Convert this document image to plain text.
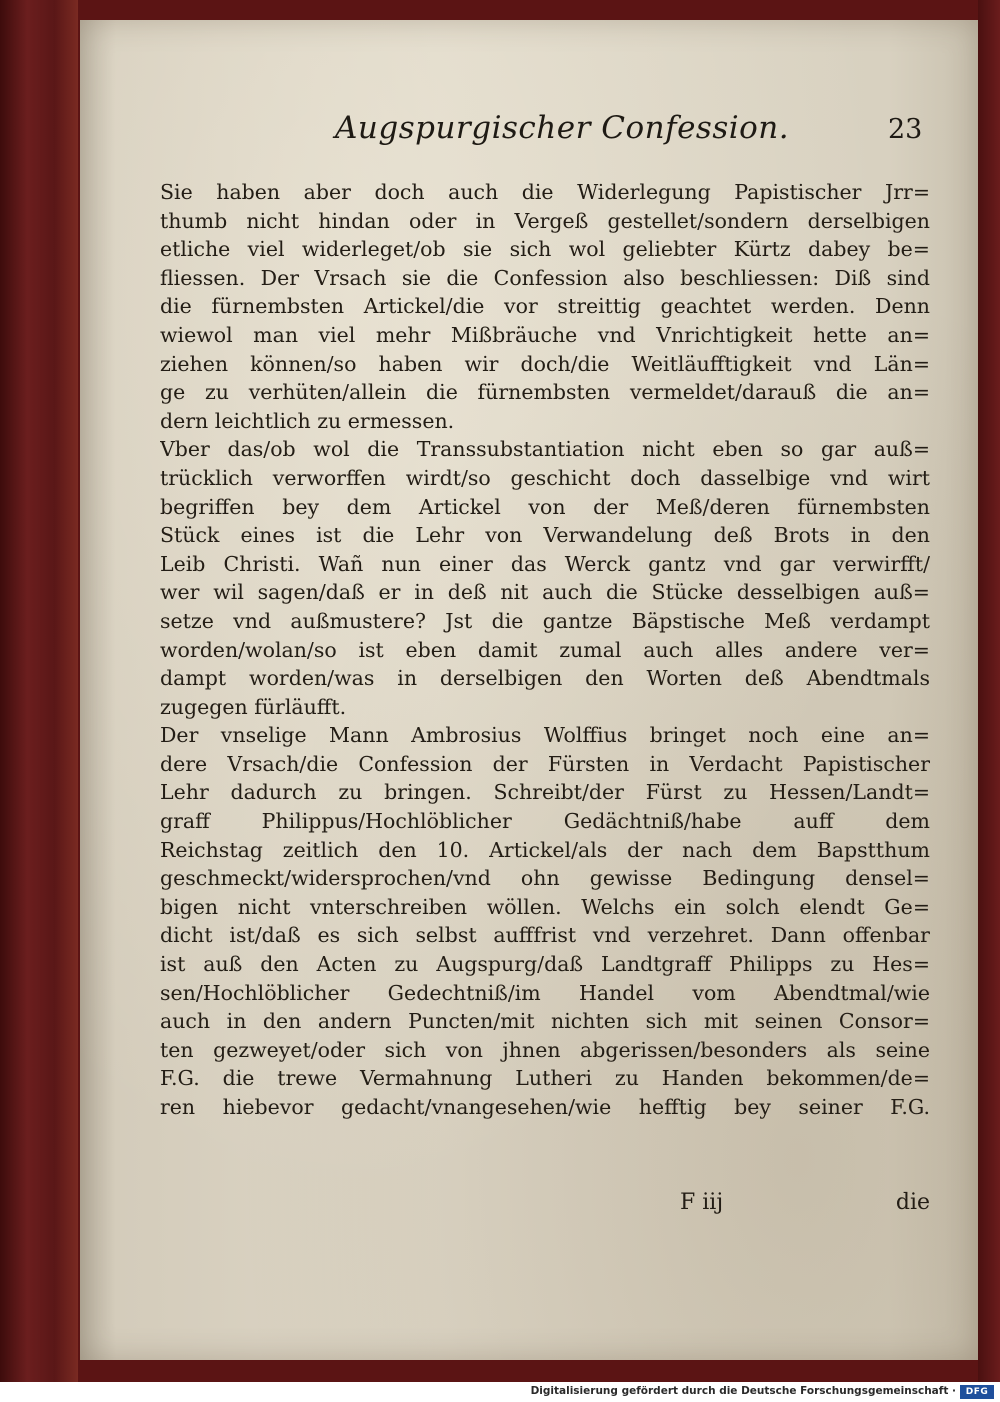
Augspurgischer Confession.	23
Sie haben aber doch auch die Widerlegung Papistischer Jrr=
thumb nicht hindan oder in Vergeß gestellet/sondern derselbigen
etliche viel widerleget/ob sie sich wol geliebter Kürtz dabey be=
fliessen. Der Vrsach sie die Confession also beschliessen: Diß sind
die fürnembsten Artickel/die vor streittig geachtet werden. Denn
wiewol man viel mehr Mißbräuche vnd Vnrichtigkeit hette an=
ziehen können/so haben wir doch/die Weitläufftigkeit vnd Län=
ge zu verhüten/allein die fürnembsten vermeldet/darauß die an=
dern leichtlich zu ermessen.
Vber das/ob wol die Transsubstantiation nicht eben so gar auß=
trücklich verworffen wirdt/so geschicht doch dasselbige vnd wirt
begriffen bey dem Artickel von der Meß/deren fürnembsten
Stück eines ist die Lehr von Verwandelung deß Brots in den
Leib Christi. Wañ nun einer das Werck gantz vnd gar verwirfft/
wer wil sagen/daß er in deß nit auch die Stücke desselbigen auß=
setze vnd außmustere? Jst die gantze Bäpstische Meß verdampt
worden/wolan/so ist eben damit zumal auch alles andere ver=
dampt worden/was in derselbigen den Worten deß Abendtmals
zugegen fürläufft.
Der vnselige Mann Ambrosius Wolffius bringet noch eine an=
dere Vrsach/die Confession der Fürsten in Verdacht Papistischer
Lehr dadurch zu bringen. Schreibt/der Fürst zu Hessen/Landt=
graff Philippus/Hochlöblicher Gedächtniß/habe auff dem
Reichstag zeitlich den 10. Artickel/als der nach dem Bapstthum
geschmeckt/widersprochen/vnd ohn gewisse Bedingung densel=
bigen nicht vnterschreiben wöllen. Welchs ein solch elendt Ge=
dicht ist/daß es sich selbst aufffrist vnd verzehret. Dann offenbar
ist auß den Acten zu Augspurg/daß Landtgraff Philipps zu Hes=
sen/Hochlöblicher Gedechtniß/im Handel vom Abendtmal/wie
auch in den andern Puncten/mit nichten sich mit seinen Consor=
ten gezweyet/oder sich von jhnen abgerissen/besonders als seine
F.G. die trewe Vermahnung Lutheri zu Handen bekommen/de=
ren hiebevor gedacht/vnangesehen/wie hefftig bey seiner F.G.
F iij	die
Digitalisierung gefördert durch die Deutsche Forschungsgemeinschaft ·	DFG
